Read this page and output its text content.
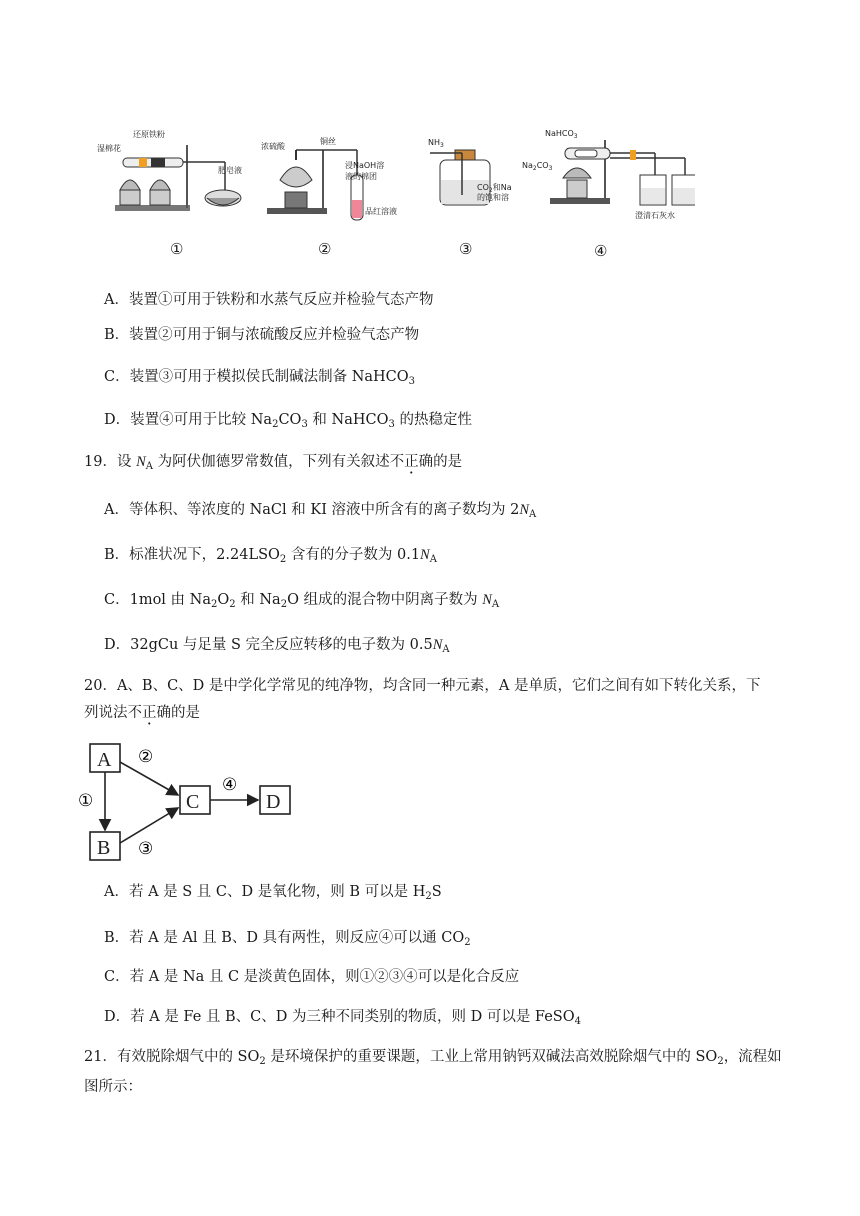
湿棉花
还原铁粉
肥皂液
浓硫酸
铜丝
浸NaOH溶
液的棉团
品红溶液
$NH_3$
$CO_2$和Na
的饱和溶
NaHCO$_3$
$Na_2CO_3$
澄清石灰水
①	②	③	④
A．装置①可用于铁粉和水蒸气反应并检验气态产物
B．装置②可用于铜与浓硫酸反应并检验气态产物
C．装置③可用于模拟侯氏制碱法制备 NaHCO$_3$
D．装置④可用于比较 $Na_2CO_3$ 和 NaHCO$_3$ 的热稳定性
19．设 $N_A$ 为阿伏伽德罗常数值，下列有关叙述不正确的是
A．等体积、等浓度的 NaCl 和 KI 溶液中所含有的离子数均为 $2N_A$
B．标准状况下，$2.24LSO_2$ 含有的分子数为 $0.1N_A$
C．1mol 由 $Na_2O_2$ 和 $Na_2O$ 组成的混合物中阴离子数为 $N_A$
D．32gCu 与足量 S 完全反应转移的电子数为 $0.5N_A$
20．A、B、C、D 是中学化学常见的纯净物，均含同一种元素，A 是单质，它们之间有如下转化关系，下
列说法不正确的是
A
B
C	D
①
②
③
④
A．若 A 是 S 且 C、D 是氧化物，则 B 可以是 $H_2S$
B．若 A 是 Al 且 B、D 具有两性，则反应④可以通 $CO_2$
C．若 A 是 Na 且 C 是淡黄色固体，则①②③④可以是化合反应
D．若 A 是 Fe 且 B、C、D 为三种不同类别的物质，则 D 可以是 FeSO$_4$
21．有效脱除烟气中的 $SO_2$ 是环境保护的重要课题，工业上常用钠钙双碱法高效脱除烟气中的 $SO_2$，流程如
图所示：
